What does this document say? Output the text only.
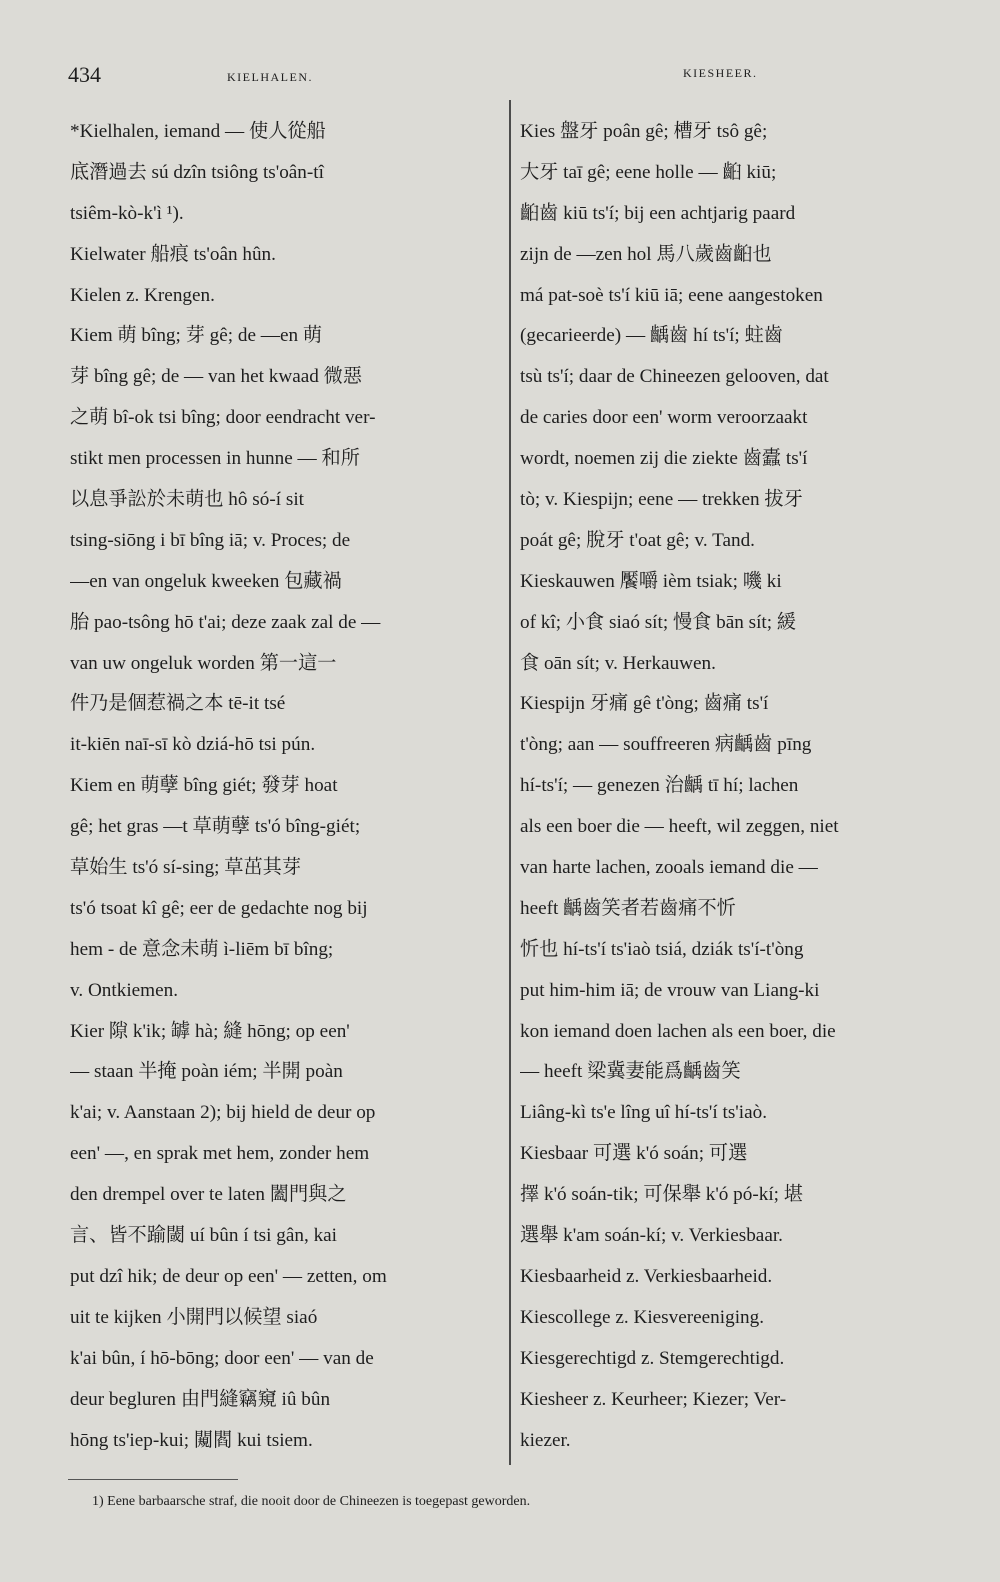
434	KIELHALEN.	KIESHEER.
*Kielhalen, iemand — 使人從船
底潛過去 sú dzîn tsiông ts'oân-tî
tsiêm-kò-k'ì ¹).
Kielwater 船痕 ts'oân hûn.
Kielen z. Krengen.
Kiem 萌 bîng; 芽 gê; de —en 萌
芽 bîng gê; de — van het kwaad 微惡
之萌 bî-ok tsi bîng; door eendracht ver-
stikt men processen in hunne — 和所
以息爭訟於未萌也 hô só-í sit
tsing-siōng i bī bîng iā; v. Proces; de
—en van ongeluk kweeken 包藏禍
胎 pao-tsông hō t'ai; deze zaak zal de —
van uw ongeluk worden 第一這一
件乃是個惹禍之本 tē-it tsé
it-kiēn naī-sī kò dziá-hō tsi pún.
Kiem en 萌孽 bîng giét; 發芽 hoat
gê; het gras —t 草萌孽 ts'ó bîng-giét;
草始生 ts'ó sí-sing; 草茁其芽
ts'ó tsoat kî gê; eer de gedachte nog bij
hem - de 意念未萌 ì-liēm bī bîng;
v. Ontkiemen.
Kier 隙 k'ik; 罅 hà; 縫 hōng; op een'
— staan 半掩 poàn iém; 半開 poàn
k'ai; v. Aanstaan 2); bij hield de deur op
een' —, en sprak met hem, zonder hem
den drempel over te laten 闔門與之
言、皆不踰閾 uí bûn í tsi gân, kai
put dzî hik; de deur op een' — zetten, om
uit te kijken 小開門以候望 siaó
k'ai bûn, í hō-bōng; door een' — van de
deur begluren 由門縫竊窺 iû bûn
hōng ts'iep-kui; 闚閻 kui tsiem.
Kies 盤牙 poân gê; 槽牙 tsô gê;
大牙 taī gê; eene holle — 齨 kiū;
齨齒 kiū ts'í; bij een achtjarig paard
zijn de —zen hol 馬八歲齒齨也
má pat-soè ts'í kiū iā; eene aangestoken
(gecarieerde) — 齲齒 hí ts'í; 蛀齒
tsù ts'í; daar de Chineezen gelooven, dat
de caries door een' worm veroorzaakt
wordt, noemen zij die ziekte 齒蠹 ts'í
tò; v. Kiespijn; eene — trekken 拔牙
poát gê; 脫牙 t'oat gê; v. Tand.
Kieskauwen 饜嚼 ièm tsiak; 嘰 ki
of kî; 小食 siaó sít; 慢食 bān sít; 緩
食 oān sít; v. Herkauwen.
Kiespijn 牙痛 gê t'òng; 齒痛 ts'í
t'òng; aan — souffreeren 病齲齒 pīng
hí-ts'í; — genezen 治齲 tī hí; lachen
als een boer die — heeft, wil zeggen, niet
van harte lachen, zooals iemand die —
heeft 齲齒笑者若齒痛不忻
忻也 hí-ts'í ts'iaò tsiá, dziák ts'í-t'òng
put him-him iā; de vrouw van Liang-ki
kon iemand doen lachen als een boer, die
— heeft 梁冀妻能爲齲齒笑
Liâng-kì ts'e lîng uî hí-ts'í ts'iaò.
Kiesbaar 可選 k'ó soán; 可選
擇 k'ó soán-tik; 可保舉 k'ó pó-kí; 堪
選舉 k'am soán-kí; v. Verkiesbaar.
Kiesbaarheid z. Verkiesbaarheid.
Kiescollege z. Kiesvereeniging.
Kiesgerechtigd z. Stemgerechtigd.
Kiesheer z. Keurheer; Kiezer; Ver-
kiezer.
1) Eene barbaarsche straf, die nooit door de Chineezen is toegepast geworden.
